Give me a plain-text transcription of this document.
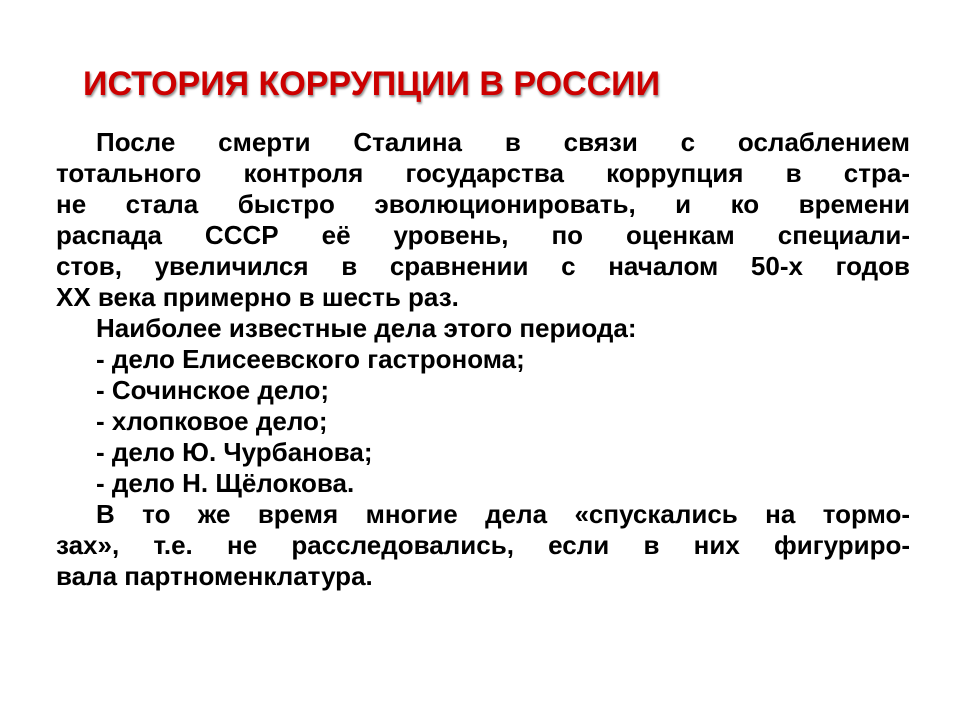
ИСТОРИЯ КОРРУПЦИИ В РОССИИ

После смерти Сталина в связи с ослаблением

тотального контроля государства коррупция в стра-

не стала быстро эволюционировать, и ко времени

распада СССР её уровень, по оценкам специали-

стов, увеличился в сравнении с началом 50-х годов

XX века примерно в шесть раз.

Наиболее известные дела этого периода:

- дело Елисеевского гастронома;

- Сочинское дело;

- хлопковое дело;

- дело Ю. Чурбанова;

- дело Н. Щёлокова.

В то же время многие дела «спускались на тормо-

зах», т.е. не расследовались, если в них фигуриро-

вала партноменклатура.
